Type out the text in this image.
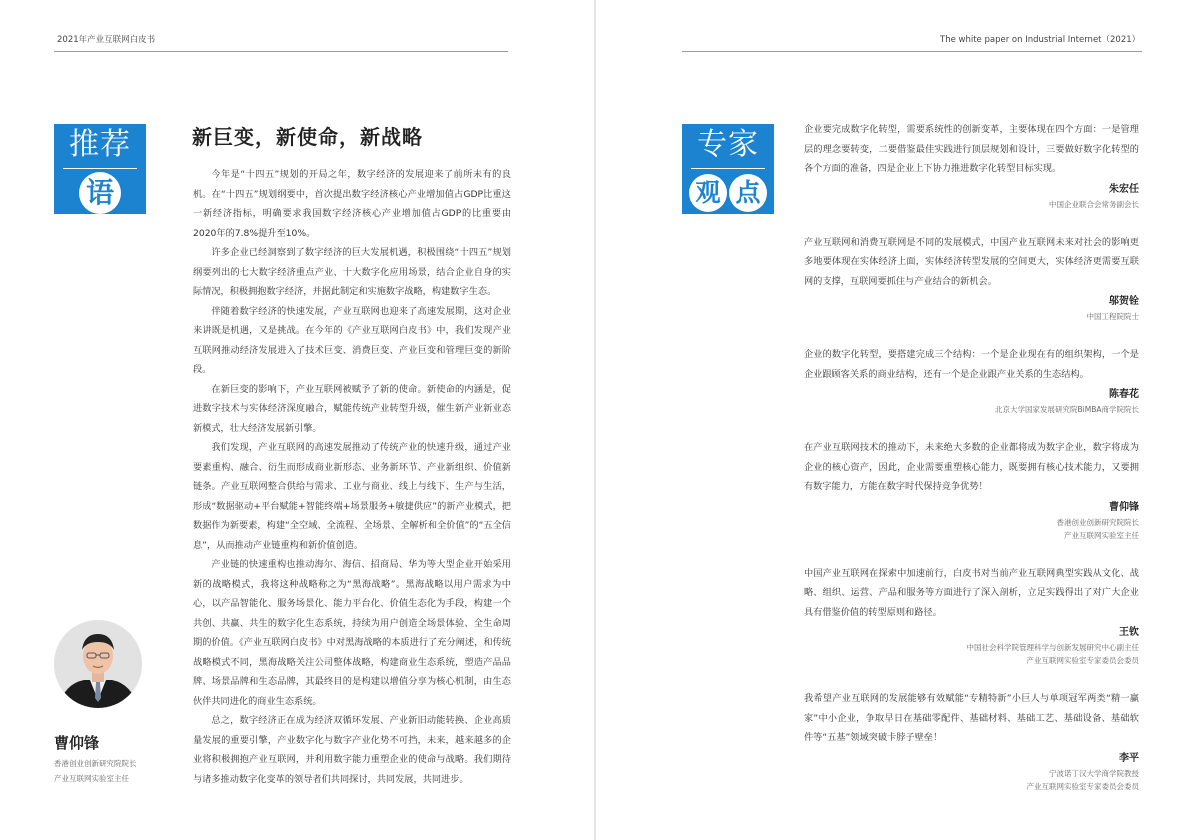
2021年产业互联网白皮书
推荐
语
新巨变，新使命，新战略

今年是“十四五”规划的开局之年，数字经济的发展迎来了前所未有的良机。在“十四五”规划纲要中，首次提出数字经济核心产业增加值占GDP比重这一新经济指标，明确要求我国数字经济核心产业增加值占GDP的比重要由2020年的7.8%提升至10%。

许多企业已经洞察到了数字经济的巨大发展机遇，积极围绕“十四五”规划纲要列出的七大数字经济重点产业、十大数字化应用场景，结合企业自身的实际情况，积极拥抱数字经济，并据此制定和实施数字战略，构建数字生态。

伴随着数字经济的快速发展，产业互联网也迎来了高速发展期，这对企业来讲既是机遇，又是挑战。在今年的《产业互联网白皮书》中，我们发现产业互联网推动经济发展进入了技术巨变、消费巨变、产业巨变和管理巨变的新阶段。

在新巨变的影响下，产业互联网被赋予了新的使命。新使命的内涵是，促进数字技术与实体经济深度融合，赋能传统产业转型升级，催生新产业新业态新模式，壮大经济发展新引擎。

我们发现，产业互联网的高速发展推动了传统产业的快速升级，通过产业要素重构、融合、衍生而形成商业新形态、业务新环节、产业新组织、价值新链条。产业互联网整合供给与需求、工业与商业、线上与线下、生产与生活，形成“数据驱动+平台赋能+智能终端+场景服务+敏捷供应”的新产业模式，把数据作为新要素，构建“全空域、全流程、全场景、全解析和全价值”的“五全信息”，从而推动产业链重构和新价值创造。

产业链的快速重构也推动海尔、海信、招商局、华为等大型企业开始采用新的战略模式，我将这种战略称之为“黑海战略”。黑海战略以用户需求为中心，以产品智能化、服务场景化、能力平台化、价值生态化为手段，构建一个共创、共赢、共生的数字化生态系统，持续为用户创造全场景体验、全生命周期的价值。《产业互联网白皮书》中对黑海战略的本质进行了充分阐述，和传统战略模式不同，黑海战略关注公司整体战略，构建商业生态系统，塑造产品品牌、场景品牌和生态品牌，其最终目的是构建以增值分享为核心机制，由生态伙伴共同进化的商业生态系统。

总之，数字经济正在成为经济双循环发展、产业新旧动能转换、企业高质量发展的重要引擎，产业数字化与数字产业化势不可挡，未来，越来越多的企业将积极拥抱产业互联网，并利用数字能力重塑企业的使命与战略。我们期待与诸多推动数字化变革的领导者们共同探讨，共同发展，共同进步。

曹仰锋
香港创业创新研究院院长
产业互联网实验室主任
The white paper on Industrial Internet（2021）
专家
观 点
企业要完成数字化转型，需要系统性的创新变革，主要体现在四个方面：一是管理层的理念要转变，二要借鉴最佳实践进行顶层规划和设计，三要做好数字化转型的各个方面的准备，四是企业上下协力推进数字化转型目标实现。
朱宏任
中国企业联合会常务副会长
产业互联网和消费互联网是不同的发展模式，中国产业互联网未来对社会的影响更多地要体现在实体经济上面，实体经济转型发展的空间更大，实体经济更需要互联网的支撑，互联网要抓住与产业结合的新机会。
邬贺铨
中国工程院院士
企业的数字化转型，要搭建完成三个结构：一个是企业现在有的组织架构，一个是企业跟顾客关系的商业结构，还有一个是企业跟产业关系的生态结构。
陈春花
北京大学国家发展研究院BiMBA商学院院长
在产业互联网技术的推动下，未来绝大多数的企业都将成为数字企业，数字将成为企业的核心资产，因此，企业需要重塑核心能力，既要拥有核心技术能力，又要拥有数字能力，方能在数字时代保持竞争优势！
曹仰锋
香港创业创新研究院院长
产业互联网实验室主任
中国产业互联网在探索中加速前行，白皮书对当前产业互联网典型实践从文化、战略、组织、运营、产品和服务等方面进行了深入剖析，立足实践得出了对广大企业具有借鉴价值的转型原则和路径。
王钦
中国社会科学院管理科学与创新发展研究中心副主任
产业互联网实验室专家委员会委员
我希望产业互联网的发展能够有效赋能“专精特新”小巨人与单项冠军两类“精一赢家”中小企业，争取早日在基础零配件、基础材料、基础工艺、基础设备、基础软件等“五基”领域突破卡脖子壁垒！
李平
宁波诺丁汉大学商学院教授
产业互联网实验室专家委员会委员
